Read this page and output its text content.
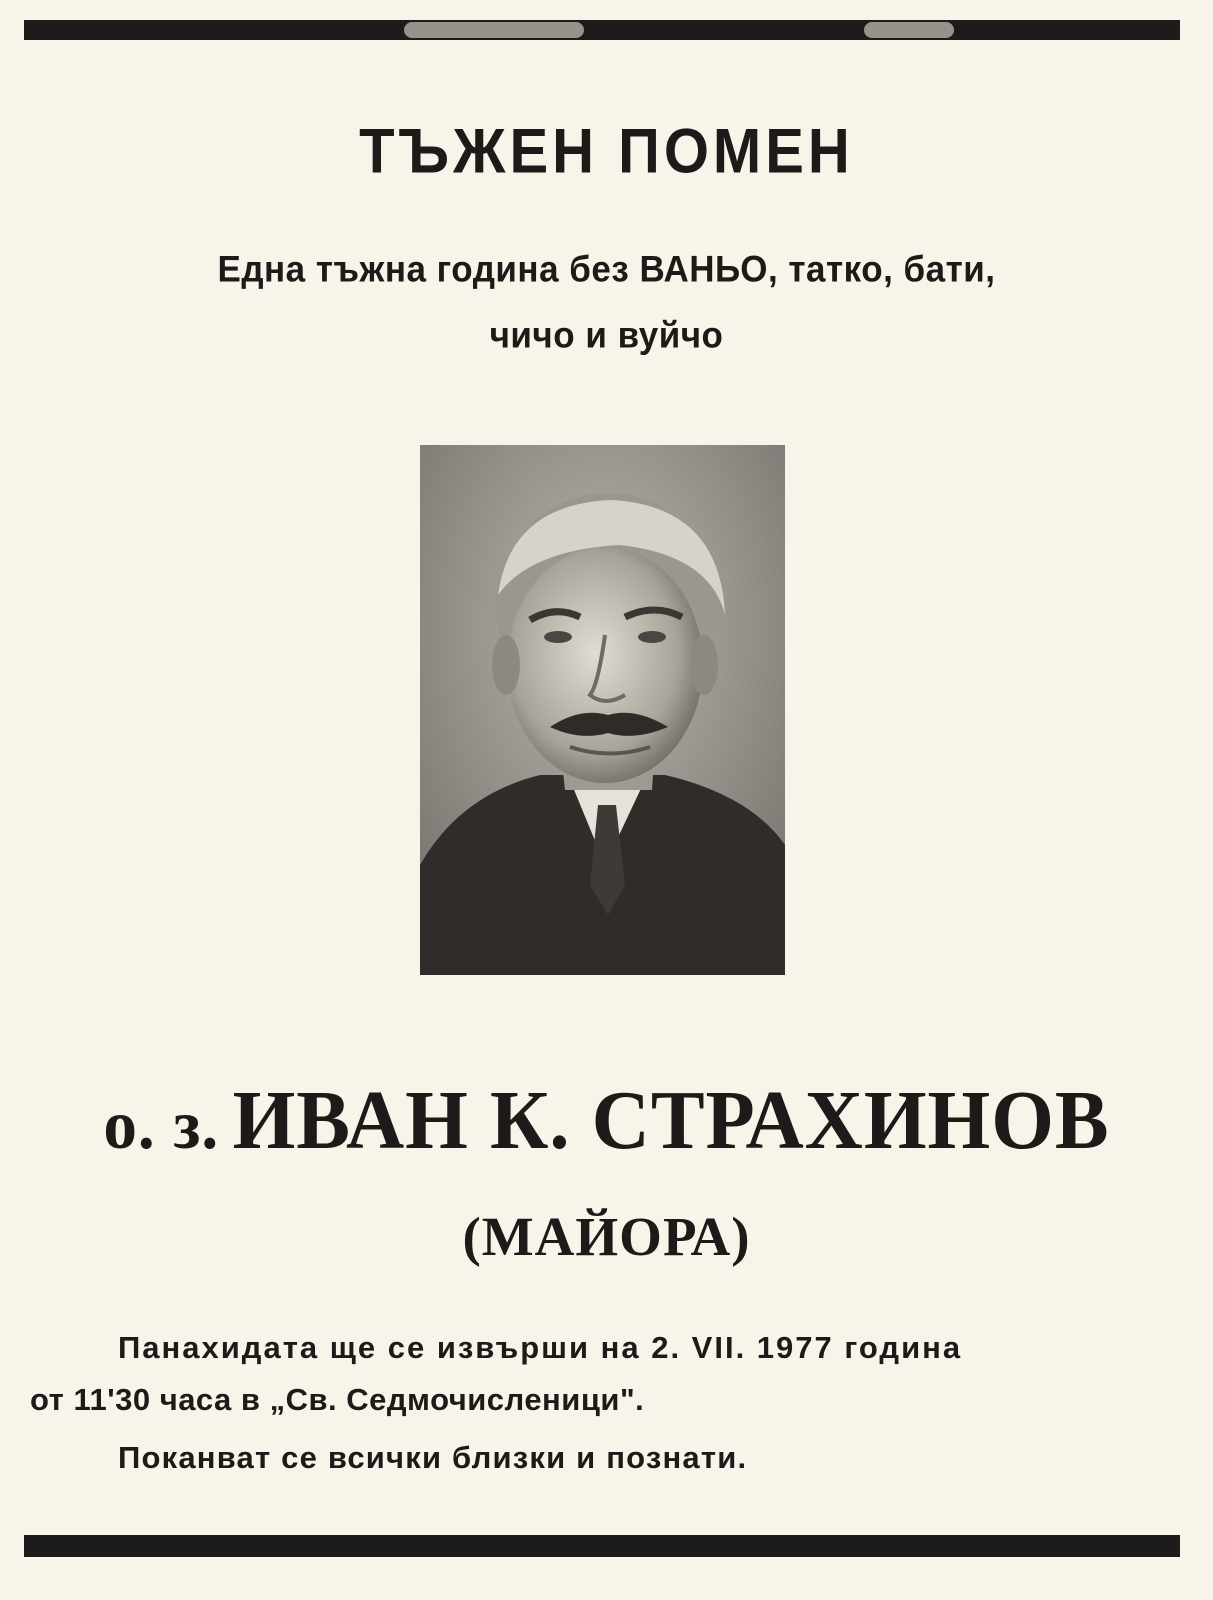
ТЪЖЕН ПОМЕН
Една тъжна година без ВАНЬО, татко, бати,
чичо и вуйчо
о. з. ИВАН К. СТРАХИНОВ
(МАЙОРА)
Панахидата ще се извърши на 2. VII. 1977 година
от 11'30 часа в „Св. Седмочисленици".
Поканват се всички близки и познати.
